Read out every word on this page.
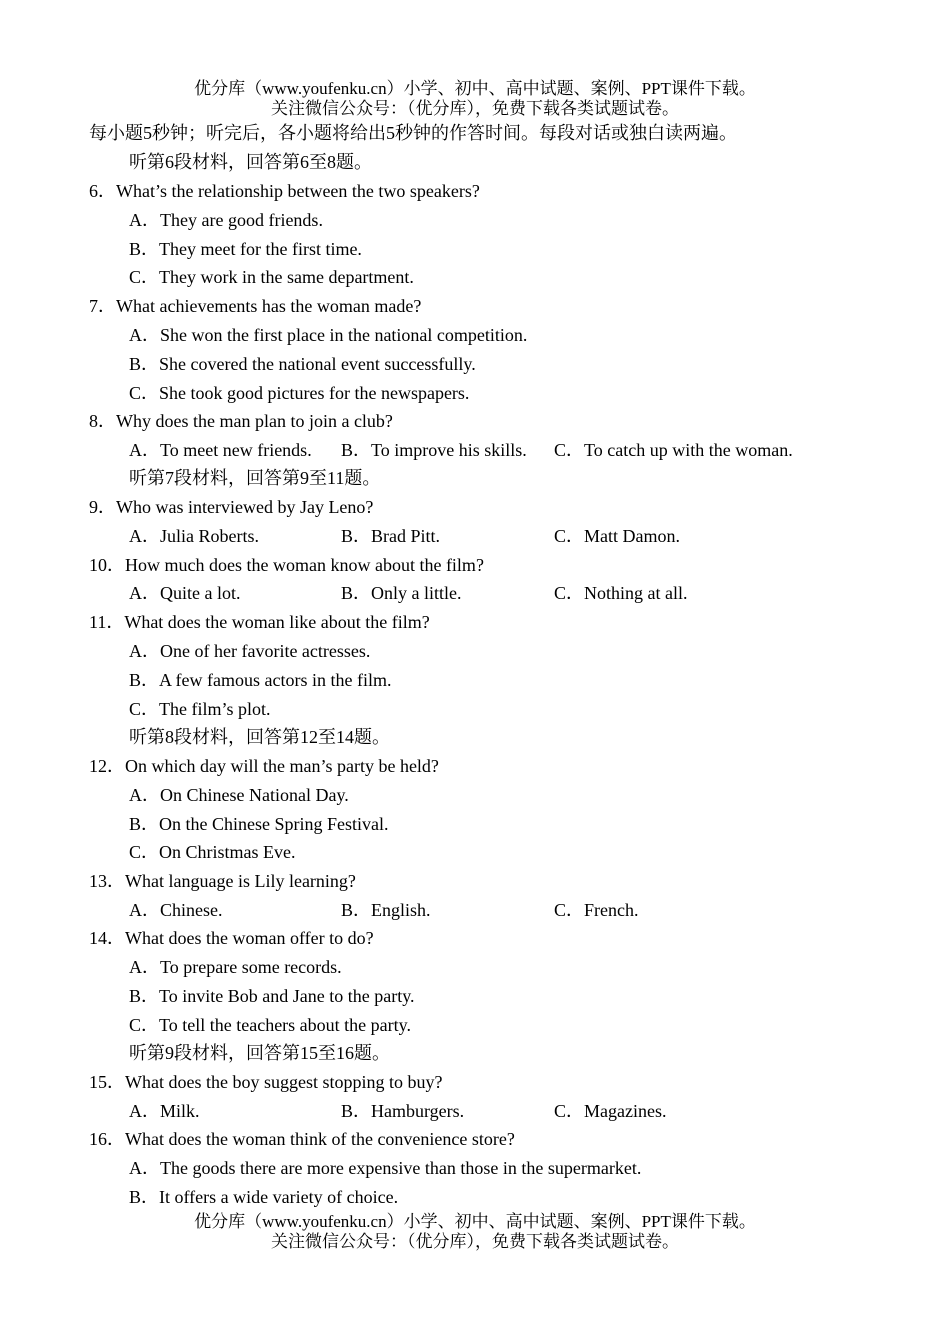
优分库（www.youfenku.cn）小学、初中、高中试题、案例、PPT课件下载。
关注微信公众号：（优分库），免费下载各类试题试卷。
每小题5秒钟；听完后，各小题将给出5秒钟的作答时间。每段对话或独白读两遍。
听第6段材料，回答第6至8题。
6．What’s the relationship between the two speakers?
A．They are good friends.
B．They meet for the first time.
C．They work in the same department.
7．What achievements has the woman made?
A．She won the first place in the national competition.
B．She covered the national event successfully.
C．She took good pictures for the newspapers.
8．Why does the man plan to join a club?
A．To meet new friends. B．To improve his skills. C．To catch up with the woman.
听第7段材料，回答第9至11题。
9．Who was interviewed by Jay Leno?
A．Julia Roberts.	B．Brad Pitt.	C．Matt Damon.
10．How much does the woman know about the film?
A．Quite a lot.	B．Only a little.	C．Nothing at all.
11．What does the woman like about the film?
A．One of her favorite actresses.
B．A few famous actors in the film.
C．The film’s plot.
听第8段材料，回答第12至14题。
12．On which day will the man’s party be held?
A．On Chinese National Day.
B．On the Chinese Spring Festival.
C．On Christmas Eve.
13．What language is Lily learning?
A．Chinese.	B．English.	C．French.
14．What does the woman offer to do?
A．To prepare some records.
B．To invite Bob and Jane to the party.
C．To tell the teachers about the party.
听第9段材料，回答第15至16题。
15．What does the boy suggest stopping to buy?
A．Milk.	B．Hamburgers.	C．Magazines.
16．What does the woman think of the convenience store?
A．The goods there are more expensive than those in the supermarket.
B．It offers a wide variety of choice.
优分库（www.youfenku.cn）小学、初中、高中试题、案例、PPT课件下载。
关注微信公众号：（优分库），免费下载各类试题试卷。
